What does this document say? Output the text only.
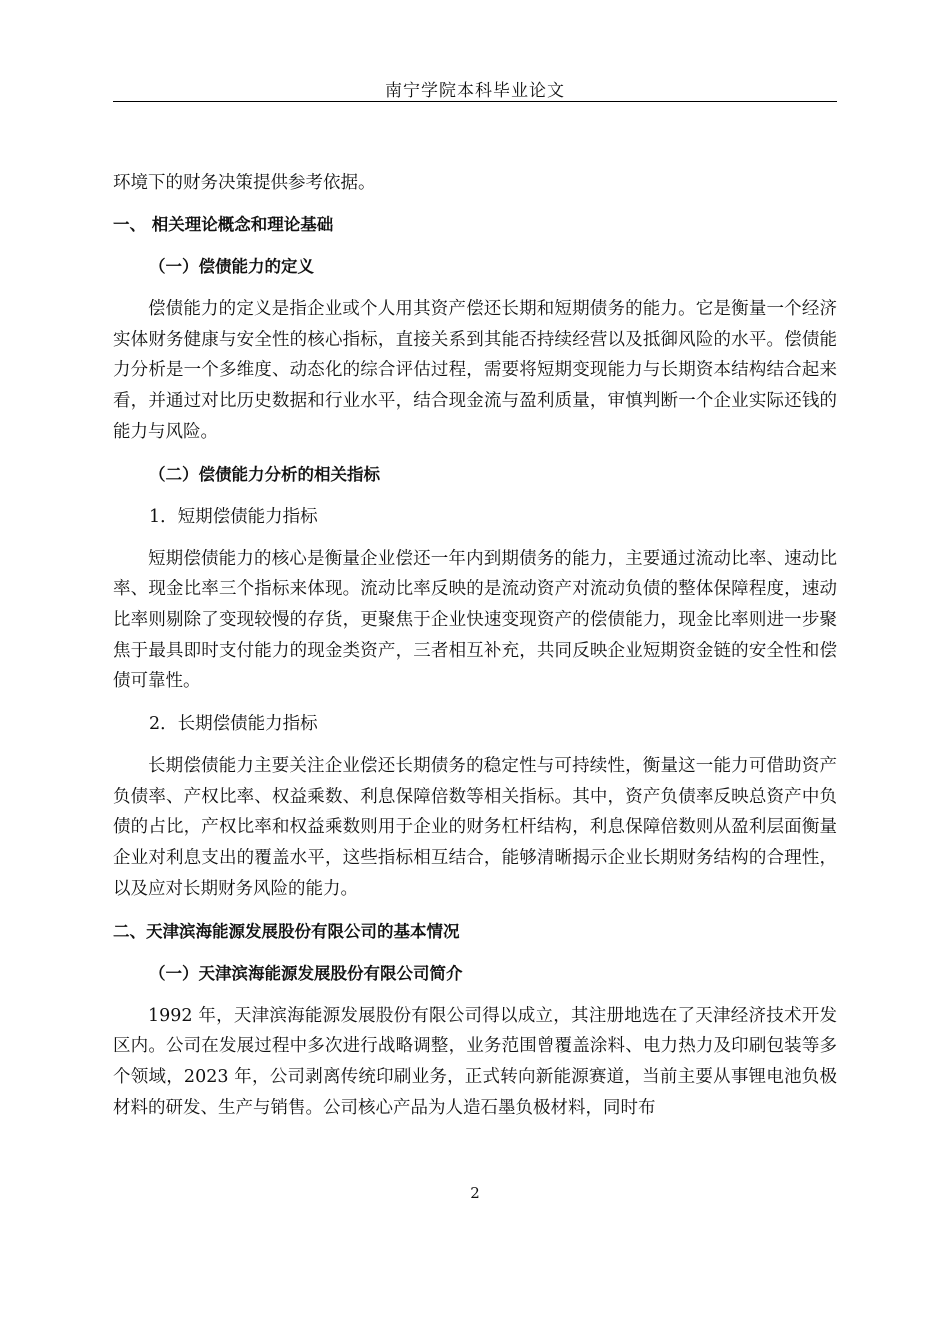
南宁学院本科毕业论文

环境下的财务决策提供参考依据。

一、 相关理论概念和理论基础

（一）偿债能力的定义

偿债能力的定义是指企业或个人用其资产偿还长期和短期债务的能力。它是衡量一个经济实体财务健康与安全性的核心指标，直接关系到其能否持续经营以及抵御风险的水平。偿债能力分析是一个多维度、动态化的综合评估过程，需要将短期变现能力与长期资本结构结合起来看，并通过对比历史数据和行业水平，结合现金流与盈利质量，审慎判断一个企业实际还钱的能力与风险。

（二）偿债能力分析的相关指标

1．短期偿债能力指标

短期偿债能力的核心是衡量企业偿还一年内到期债务的能力，主要通过流动比率、速动比率、现金比率三个指标来体现。流动比率反映的是流动资产对流动负债的整体保障程度，速动比率则剔除了变现较慢的存货，更聚焦于企业快速变现资产的偿债能力，现金比率则进一步聚焦于最具即时支付能力的现金类资产，三者相互补充，共同反映企业短期资金链的安全性和偿债可靠性。

2．长期偿债能力指标

长期偿债能力主要关注企业偿还长期债务的稳定性与可持续性，衡量这一能力可借助资产负债率、产权比率、权益乘数、利息保障倍数等相关指标。其中，资产负债率反映总资产中负债的占比，产权比率和权益乘数则用于企业的财务杠杆结构，利息保障倍数则从盈利层面衡量企业对利息支出的覆盖水平，这些指标相互结合，能够清晰揭示企业长期财务结构的合理性，以及应对长期财务风险的能力。

二、天津滨海能源发展股份有限公司的基本情况

（一）天津滨海能源发展股份有限公司简介

1992 年，天津滨海能源发展股份有限公司得以成立，其注册地选在了天津经济技术开发区内。公司在发展过程中多次进行战略调整，业务范围曾覆盖涂料、电力热力及印刷包装等多个领域，2023 年，公司剥离传统印刷业务，正式转向新能源赛道，当前主要从事锂电池负极材料的研发、生产与销售。公司核心产品为人造石墨负极材料，同时布

2
